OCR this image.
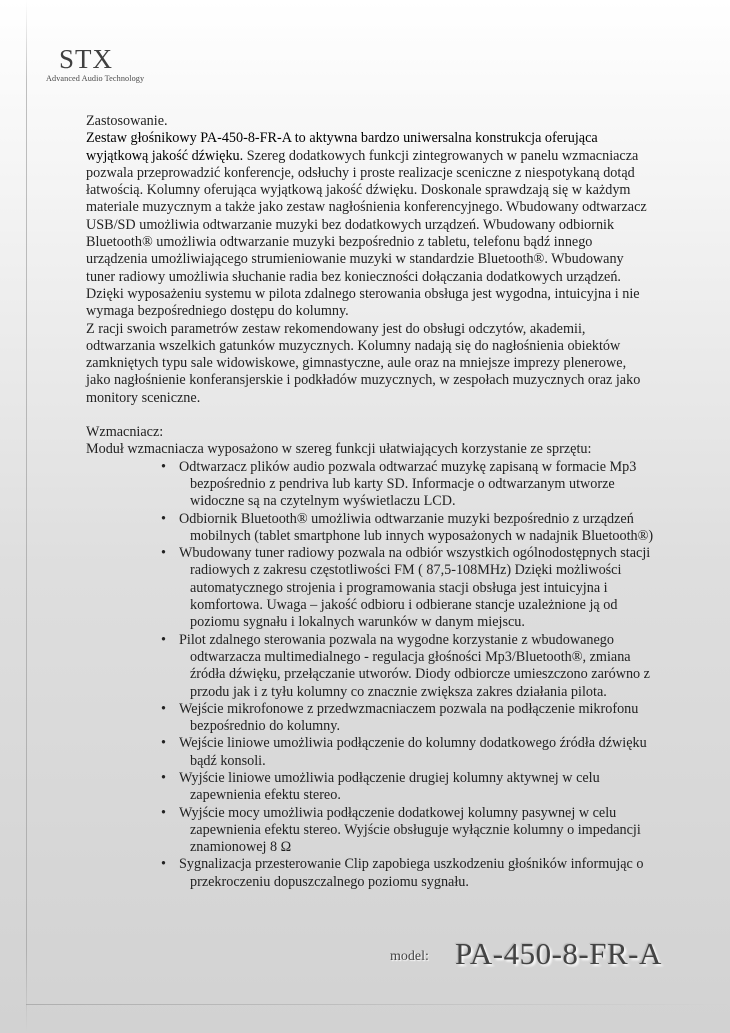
STX
Advanced Audio Technology

Zastosowanie.

Zestaw głośnikowy PA-450-8-FR-A to aktywna bardzo uniwersalna konstrukcja oferująca
wyjątkową jakość dźwięku. Szereg dodatkowych funkcji zintegrowanych w panelu wzmacniacza
pozwala przeprowadzić konferencje, odsłuchy i proste realizacje sceniczne z niespotykaną dotąd
łatwością. Kolumny oferująca wyjątkową jakość dźwięku. Doskonale sprawdzają się w każdym
materiale muzycznym a także jako zestaw nagłośnienia konferencyjnego. Wbudowany odtwarzacz
USB/SD umożliwia odtwarzanie muzyki bez dodatkowych urządzeń. Wbudowany odbiornik
Bluetooth® umożliwia odtwarzanie muzyki bezpośrednio z tabletu, telefonu bądź innego
urządzenia umożliwiającego strumieniowanie muzyki w standardzie Bluetooth®. Wbudowany
tuner radiowy umożliwia słuchanie radia bez konieczności dołączania dodatkowych urządzeń.
Dzięki wyposażeniu systemu w pilota zdalnego sterowania obsługa jest wygodna, intuicyjna i nie
wymaga bezpośredniego dostępu do kolumny.
Z racji swoich parametrów zestaw rekomendowany jest do obsługi odczytów, akademii,
odtwarzania wszelkich gatunków muzycznych. Kolumny nadają się do nagłośnienia obiektów
zamkniętych typu sale widowiskowe, gimnastyczne, aule oraz na mniejsze imprezy plenerowe,
jako nagłośnienie konferansjerskie i podkładów muzycznych, w zespołach muzycznych oraz jako
monitory sceniczne.

Wzmacniacz:

Moduł wzmacniacza wyposażono w szereg funkcji ułatwiających korzystanie ze sprzętu:

• Odtwarzacz plików audio pozwala odtwarzać muzykę zapisaną w formacie Mp3
bezpośrednio z pendriva lub karty SD. Informacje o odtwarzanym utworze
widoczne są na czytelnym wyświetlaczu LCD.
• Odbiornik Bluetooth® umożliwia odtwarzanie muzyki bezpośrednio z urządzeń
mobilnych (tablet smartphone lub innych wyposażonych w nadajnik Bluetooth®)
• Wbudowany tuner radiowy pozwala na odbiór wszystkich ogólnodostępnych stacji
radiowych z zakresu częstotliwości FM ( 87,5-108MHz) Dzięki możliwości
automatycznego strojenia i programowania stacji obsługa jest intuicyjna i
komfortowa. Uwaga – jakość odbioru i odbierane stancje uzależnione ją od
poziomu sygnału i lokalnych warunków w danym miejscu.
• Pilot zdalnego sterowania pozwala na wygodne korzystanie z wbudowanego
odtwarzacza multimedialnego - regulacja głośności Mp3/Bluetooth®, zmiana
źródła dźwięku, przełączanie utworów. Diody odbiorcze umieszczono zarówno z
przodu jak i z tyłu kolumny co znacznie zwiększa zakres działania pilota.
• Wejście mikrofonowe z przedwzmacniaczem pozwala na podłączenie mikrofonu
bezpośrednio do kolumny.
• Wejście liniowe umożliwia podłączenie do kolumny dodatkowego źródła dźwięku
bądź konsoli.
• Wyjście liniowe umożliwia podłączenie drugiej kolumny aktywnej w celu
zapewnienia efektu stereo.
• Wyjście mocy umożliwia podłączenie dodatkowej kolumny pasywnej w celu
zapewnienia efektu stereo. Wyjście obsługuje wyłącznie kolumny o impedancji
znamionowej 8 Ω
• Sygnalizacja przesterowanie Clip zapobiega uszkodzeniu głośników informując o
przekroczeniu dopuszczalnego poziomu sygnału.
model: PA-450-8-FR-A
